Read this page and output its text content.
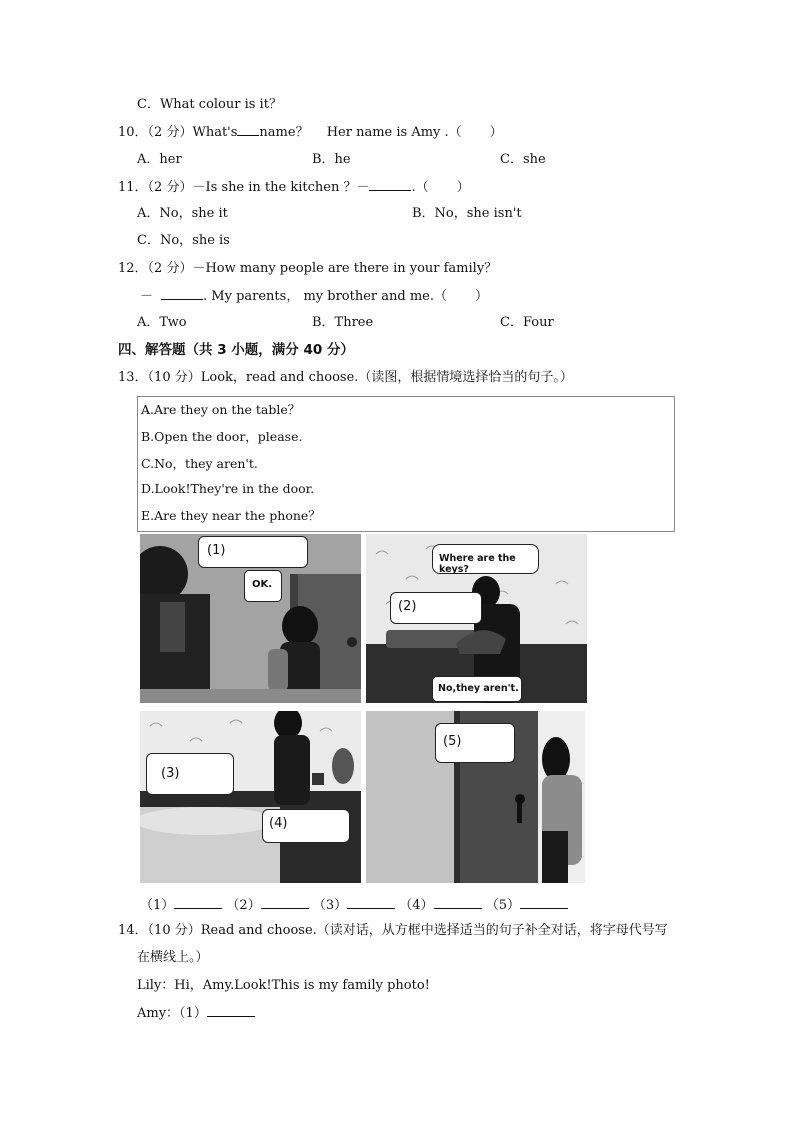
C．What colour is it？
10．（2 分）What's name？ Her name is Amy .（ ）
A．her	B．he	C．she
11．（2 分）－Is she in the kitchen ？－	.（ ）
A．No，she it	B．No，she isn't
C．No，she is
12．（2 分）－How many people are there in your family？
－	. My parents， my brother and me.（ ）
A．Two	B．Three	C．Four
四、解答题（共 3 小题，满分 40 分）
13．（10 分）Look，read and choose.（读图，根据情境选择恰当的句子。）
A.Are they on the table？
B.Open the door，please.
C.No，they aren't.
D.Look!They're in the door.
E.Are they near the phone？
(1)
OK.
Where are the keys?
(2)
No,they aren't.
(3)
(4)
(5)
（1）	（2）	（3）	（4）	（5）
14．（10 分）Read and choose.（读对话，从方框中选择适当的句子补全对话，将字母代号写
在横线上。）
Lily：Hi，Amy.Look!This is my family photo!
Amy：（1）
